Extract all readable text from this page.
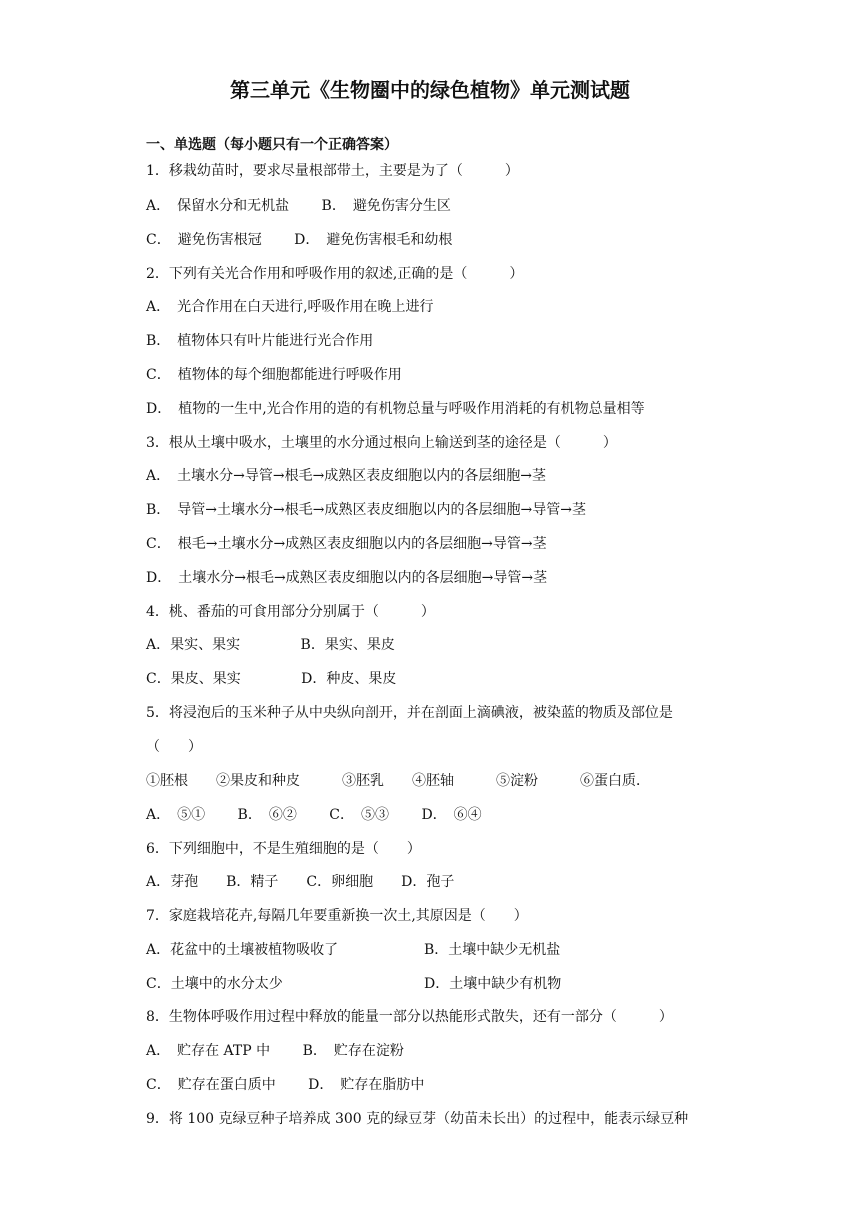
第三单元《生物圈中的绿色植物》单元测试题
一、单选题（每小题只有一个正确答案）
1．移栽幼苗时，要求尽量根部带土，主要是为了（　　　）
A．　保留水分和无机盐　　 B．　避免伤害分生区
C．　避免伤害根冠　　 D．　避免伤害根毛和幼根
2．下列有关光合作用和呼吸作用的叙述,正确的是（　　　）
A．　光合作用在白天进行,呼吸作用在晚上进行
B．　植物体只有叶片能进行光合作用
C．　植物体的每个细胞都能进行呼吸作用
D．　植物的一生中,光合作用的造的有机物总量与呼吸作用消耗的有机物总量相等
3．根从土壤中吸水，土壤里的水分通过根向上输送到茎的途径是（　　　）
A．　土壤水分→导管→根毛→成熟区表皮细胞以内的各层细胞→茎
B．　导管→土壤水分→根毛→成熟区表皮细胞以内的各层细胞→导管→茎
C．　根毛→土壤水分→成熟区表皮细胞以内的各层细胞→导管→茎
D．　土壤水分→根毛→成熟区表皮细胞以内的各层细胞→导管→茎
4．桃、番茄的可食用部分分别属于（　　　）
A．果实、果实　　　　 B．果实、果皮
C．果皮、果实　　　　 D．种皮、果皮
5．将浸泡后的玉米种子从中央纵向剖开，并在剖面上滴碘液，被染蓝的物质及部位是
（　　）
①胚根　　②果皮和种皮　　　③胚乳　　④胚轴　　　⑤淀粉　　　⑥蛋白质．
A．　⑤①　　 B．　⑥②　　 C．　⑤③　　 D．　⑥④
6．下列细胞中，不是生殖细胞的是（　　）
A．芽孢　　B．精子　　C．卵细胞　　D．孢子
7．家庭栽培花卉,每隔几年要重新换一次土,其原因是（　　）
A．花盆中的土壤被植物吸收了	B．土壤中缺少无机盐
C．土壤中的水分太少	D．土壤中缺少有机物
8．生物体呼吸作用过程中释放的能量一部分以热能形式散失，还有一部分（　　　）
A．　贮存在 ATP 中　　 B．　贮存在淀粉
C．　贮存在蛋白质中　　 D．　贮存在脂肪中
9．将 100 克绿豆种子培养成 300 克的绿豆芽（幼苗未长出）的过程中，能表示绿豆种
